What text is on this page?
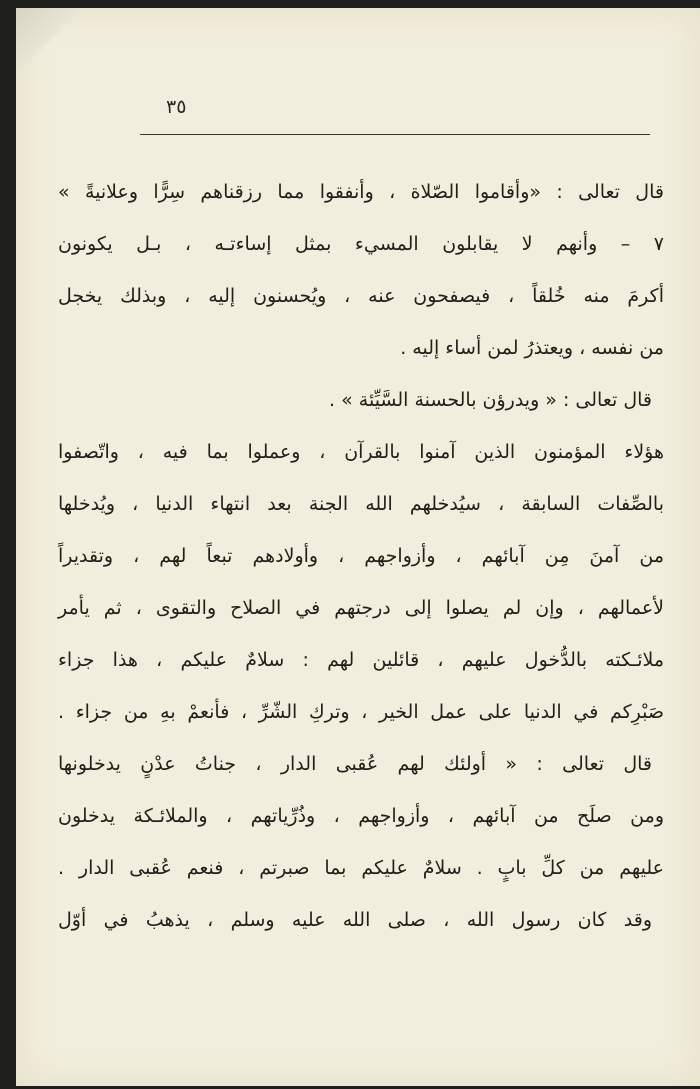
٣٥
قال تعالى : «وأقاموا الصّلاة ، وأنفقوا مما رزقناهم سِرًّا وعلانيةً »
٧ – وأنهم لا يقابلون المسيء بمثل إساءتـه ، بـل يكونون
أكرمَ منه خُلقاً ، فيصفحون عنه ، ويُحسنون إليه ، وبذلك يخجل
من نفسه ، ويعتذرُ لمن أساء إليه .
قال تعالى : « ويدرؤن بالحسنة السَّيِّئة » .
هؤلاء المؤمنون الذين آمنوا بالقرآن ، وعملوا بما فيه ، واتّصفوا
بالصِّفات السابقة ، سيُدخلهم الله الجنة بعد انتهاء الدنيا ، ويُدخلها
من آمنَ مِن آبائهم ، وأزواجهم ، وأولادهم تبعاً لهم ، وتقديراً
لأعمالهم ، وإن لم يصلوا إلى درجتهم في الصلاح والتقوى ، ثم يأمر
ملائـكته بالدُّخول عليهم ، قائلين لهم : سلامٌ عليكم ، هذا جزاء
صَبْرِكم في الدنيا على عمل الخير ، وتركِ الشّرِّ ، فأنعمْ بهِ من جزاء .
قال تعالى : « أولئك لهم عُقبى الدار ، جناتُ عدْنٍ يدخلونها
ومن صلَح من آبائهم ، وأزواجهم ، وذُرِّياتهم ، والملائـكة يدخلون
عليهم من كلِّ بابٍ . سلامٌ عليكم بما صبرتم ، فنعم عُقبى الدار .
وقد كان رسول الله ، صلى الله عليه وسلم ، يذهبُ في أوّل
